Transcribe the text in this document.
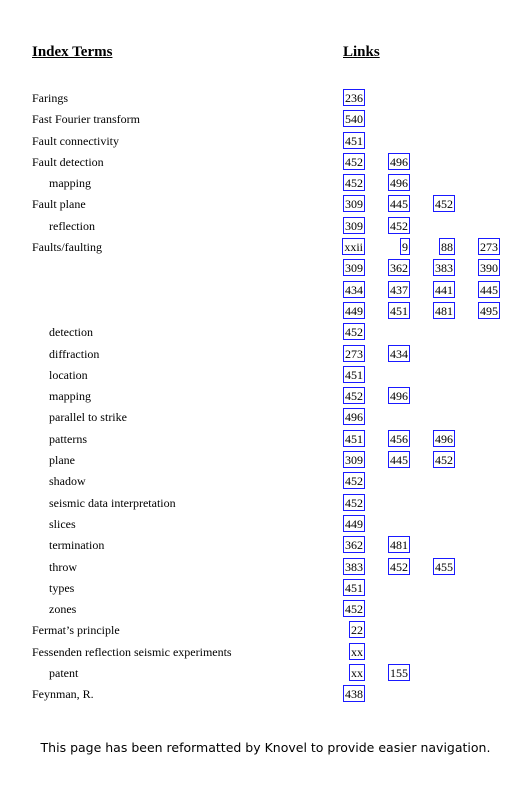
Index Terms	Links
Farings	236
Fast Fourier transform	540
Fault connectivity	451
Fault detection	452 496
mapping	452 496
Fault plane	309 445 452
reflection	309 452
Faults/faulting	xxii	9	88 273
309 362 383 390
434 437 441 445
449 451 481 495
detection	452
diffraction	273 434
location	451
mapping	452 496
parallel to strike	496
patterns	451 456 496
plane	309 445 452
shadow	452
seismic data interpretation	452
slices	449
termination	362 481
throw	383 452 455
types	451
zones	452
Fermat’s principle	22
Fessenden reflection seismic experiments	xx
patent	xx 155
Feynman, R.	438
This page has been reformatted by Knovel to provide easier navigation.
